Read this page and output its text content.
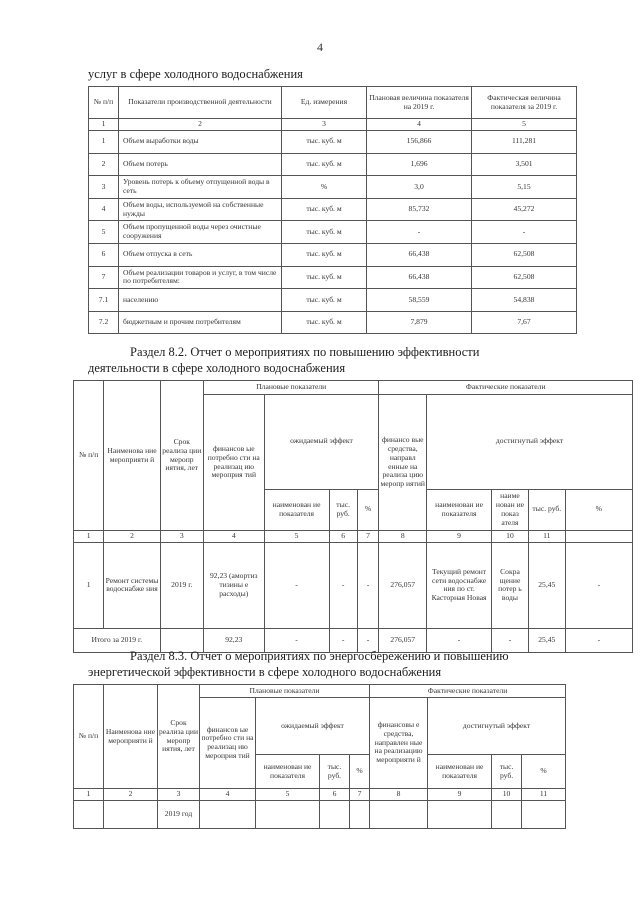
4
услуг в сфере холодного водоснабжения
№ п/п	Показатели производственной деятельности	Ед. измерения	Плановая величина показателя на 2019 г.	Фактическая величина показателя за 2019 г.
1	2	3	4	5
1	Объем выработки воды	тыс. куб. м	156,866	111,281
2	Объем потерь	тыс. куб. м	1,696	3,501
3	Уровень потерь к объему отпущенной воды в сеть	%	3,0	5,15
4	Объем воды, используемой на собственные нужды	тыс. куб. м	85,732	45,272
5	Объем пропущенной воды через очистные сооружения	тыс. куб. м	-	-
6	Объем отпуска в сеть	тыс. куб. м	66,438	62,508
7	Объем реализации товаров и услуг, в том числе по потребителям:	тыс. куб. м	66,438	62,508
7.1	населению	тыс. куб. м	58,559	54,838
7.2	бюджетным и прочим потребителям	тыс. куб. м	7,879	7,67
Раздел 8.2. Отчет о мероприятиях по повышению эффективности
деятельности в сфере холодного водоснабжения
№ п/п	Наименова ние мероприяти й	Срок реализа ции меропр иятия, лет	Плановые показатели				Фактические показатели				
			финансов ые потребно сти на реализац ию мероприя тий	ожидаемый эффект			финансо вые средства, направл енные на реализа цию меропр иятий	достигнутый эффект			
				наименован ие показателя	тыс. руб.	%		наименован ие показателя	наиме нован ие показ ателя	тыс. руб.	%
1	2	3	4	5	6	7	8	9	10	11	
1	Ремонт системы водоснабже ния	2019 г.	92,23 (амортиз тизины е расходы)	-	-	-	276,057	Текущий ремонт сети водоснабже ния по ст. Касторная Новая	Сокра щение потер ь воды	25,45	-
Итого за 2019 г.			92,23	-	-	-	276,057	-	-	25,45	-
Раздел 8.3. Отчет о мероприятиях по энергосбережению и повышению
энергетической эффективности в сфере холодного водоснабжения
№ п/п	Наименова ние мероприяти й	Срок реализа ции меропр иятия, лет	Плановые показатели				Фактические показатели			
			финансов ые потребно сти на реализац ию мероприя тий	ожидаемый эффект			финансовы е средства, направлен ные на реализацию мероприяти й	достигнутый эффект		
				наименован ие показателя	тыс. руб.	%		наименован ие показателя	тыс. руб.	%
1	2	3	4	5	6	7	8	9	10	11
		2019 год								
